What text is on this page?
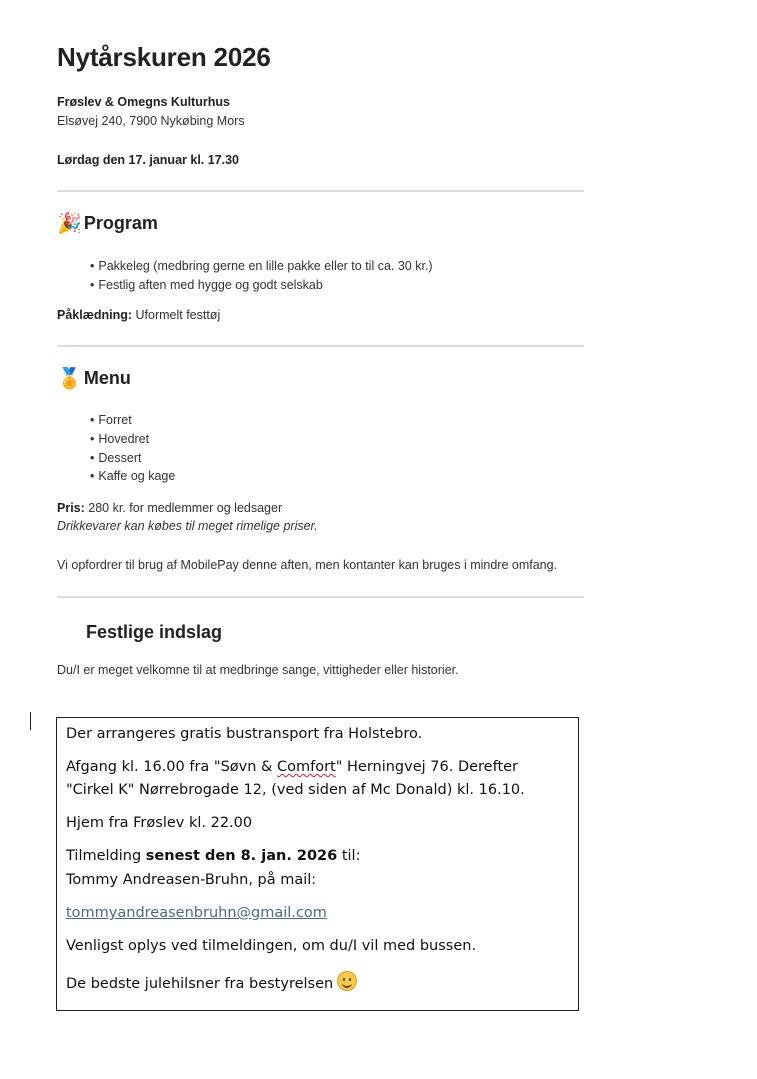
Nytårskuren 2026
Frøslev & Omegns Kulturhus
Elsøvej 240, 7900 Nykøbing Mors
Lørdag den 17. januar kl. 17.30
🎉 Program
• Pakkeleg (medbring gerne en lille pakke eller to til ca. 30 kr.)
• Festlig aften med hygge og godt selskab
Påklædning: Uformelt festtøj
🏅 Menu
• Forret
• Hovedret
• Dessert
• Kaffe og kage
Pris: 280 kr. for medlemmer og ledsager
Drikkevarer kan købes til meget rimelige priser.
Vi opfordrer til brug af MobilePay denne aften, men kontanter kan bruges i mindre omfang.
Festlige indslag
Du/I er meget velkomne til at medbringe sange, vittigheder eller historier.

Der arrangeres gratis bustransport fra Holstebro.

Afgang kl. 16.00 fra "Søvn & Comfort" Herningvej 76. Derefter

"Cirkel K" Nørrebrogade 12, (ved siden af Mc Donald) kl. 16.10.

Hjem fra Frøslev kl. 22.00

Tilmelding senest den 8. jan. 2026 til:

Tommy Andreasen-Bruhn, på mail:

tommyandreasenbruhn@gmail.com

Venligst oplys ved tilmeldingen, om du/I vil med bussen.

De bedste julehilsner fra bestyrelsen
